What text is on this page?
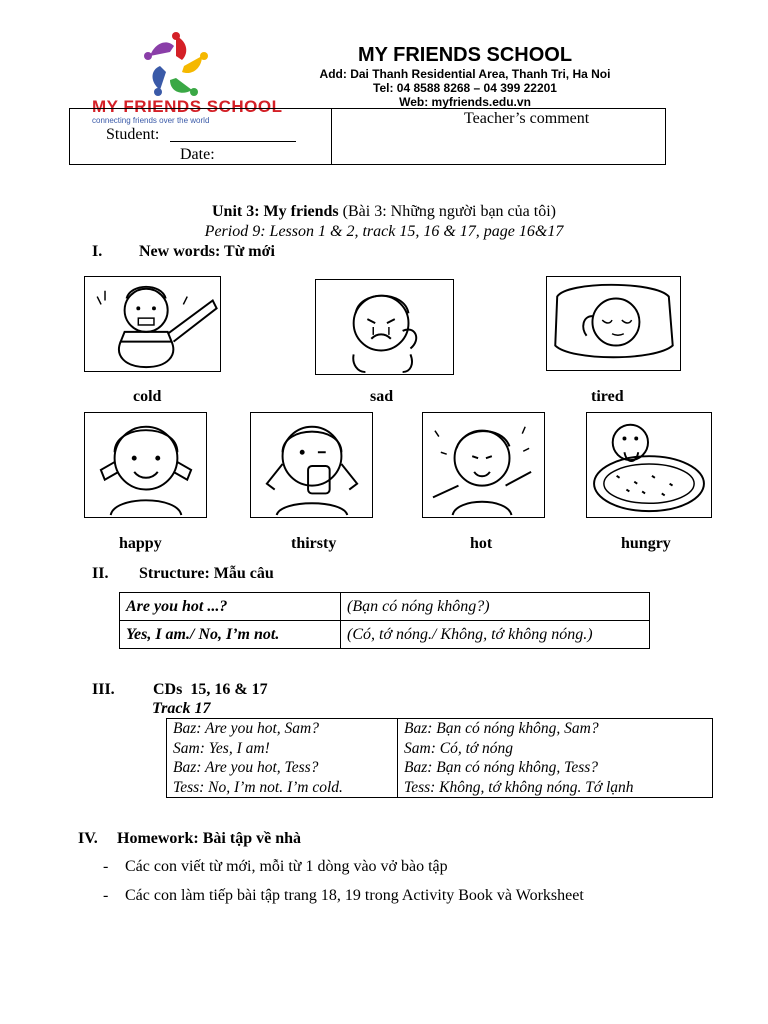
MY FRIENDS SCHOOL
connecting friends over the world
MY FRIENDS SCHOOL
Add: Dai Thanh Residential Area, Thanh Tri, Ha Noi
Tel: 04 8588 8268 – 04 399 22201
Web: myfriends.edu.vn
Student:
Date:
Teacher’s comment
Unit 3: My friends (Bài 3: Những người bạn của tôi)
Period 9: Lesson 1 & 2, track 15, 16 & 17, page 16&17
I. New words: Từ mới
cold	sad	tired
happy	thirsty	hot	hungry
II. Structure: Mẫu câu
Are you hot ...?	(Bạn có nóng không?)
Yes, I am./ No, I’m not.	(Có, tớ nóng./ Không, tớ không nóng.)
III. CDs  15, 16 & 17
Track 17
Baz: Are you hot, Sam?
Sam: Yes, I am!
Baz: Are you hot, Tess?
Tess: No, I’m not. I’m cold.

Baz: Bạn có nóng không, Sam?
Sam: Có, tớ nóng
Baz: Bạn có nóng không, Tess?
Tess: Không, tớ không nóng. Tớ lạnh
IV. Homework: Bài tập về nhà
- Các con viết từ mới, mỗi từ 1 dòng vào vở bào tập
- Các con làm tiếp bài tập trang 18, 19 trong Activity Book và Worksheet
